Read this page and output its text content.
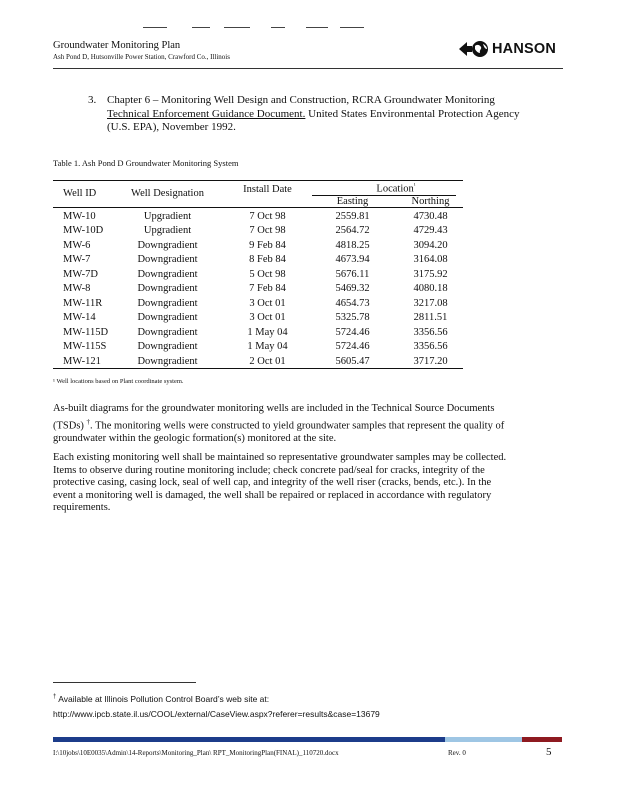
Groundwater Monitoring Plan
Ash Pond D, Hutsonville Power Station, Crawford Co., Illinois	HANSON
3. Chapter 6 – Monitoring Well Design and Construction, RCRA Groundwater Monitoring Technical Enforcement Guidance Document. United States Environmental Protection Agency (U.S. EPA), November 1992.
Table 1. Ash Pond D Groundwater Monitoring System
Well ID	Well Designation	Install Date	Location$^{^1}$
			Easting	Northing

MW-10	Upgradient	7 Oct 98	2559.81	4730.48
MW-10D	Upgradient	7 Oct 98	2564.72	4729.43
MW-6	Downgradient	9 Feb 84	4818.25	3094.20
MW-7	Downgradient	8 Feb 84	4673.94	3164.08
MW-7D	Downgradient	5 Oct 98	5676.11	3175.92
MW-8	Downgradient	7 Feb 84	5469.32	4080.18
MW-11R	Downgradient	3 Oct 01	4654.73	3217.08
MW-14	Downgradient	3 Oct 01	5325.78	2811.51
MW-115D	Downgradient	1 May 04	5724.46	3356.56
MW-115S	Downgradient	1 May 04	5724.46	3356.56
MW-121	Downgradient	2 Oct 01	5605.47	3717.20
¹ Well locations based on Plant coordinate system.
As-built diagrams for the groundwater monitoring wells are included in the Technical Source Documents (TSDs) †. The monitoring wells were constructed to yield groundwater samples that represent the quality of groundwater within the geologic formation(s) monitored at the site.
Each existing monitoring well shall be maintained so representative groundwater samples may be collected. Items to observe during routine monitoring include; check concrete pad/seal for cracks, integrity of the protective casing, casing lock, seal of well cap, and integrity of the well riser (cracks, bends, etc.). In the event a monitoring well is damaged, the well shall be repaired or replaced in accordance with regulatory requirements.
† Available at Illinois Pollution Control Board’s web site at:
http://www.ipcb.state.il.us/COOL/external/CaseView.aspx?referer=results&case=13679
I:\10jobs\10E0035\Admin\14-Reports\Monitoring_Plan\ RPT_MonitoringPlan(FINAL)_110720.docx	Rev. 0	5
